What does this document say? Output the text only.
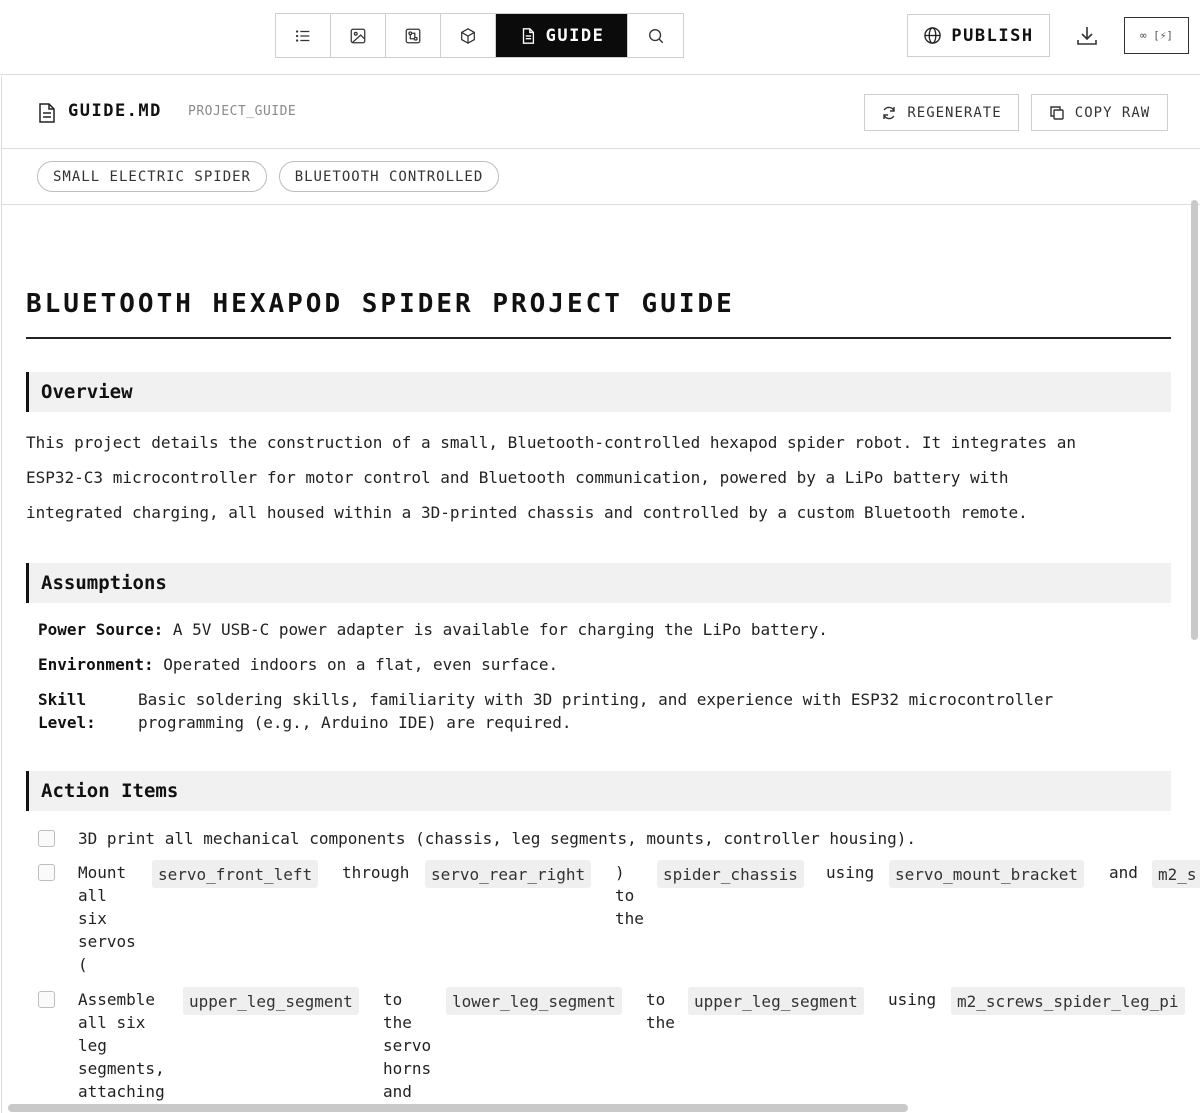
GUIDE	PUBLISH	∞ [⚡]
GUIDE.MD PROJECT_GUIDE	REGENERATE	COPY RAW
SMALL ELECTRIC SPIDER	BLUETOOTH CONTROLLED
BLUETOOTH HEXAPOD SPIDER PROJECT GUIDE
Overview
This project details the construction of a small, Bluetooth-controlled hexapod spider robot. It integrates an
ESP32-C3 microcontroller for motor control and Bluetooth communication, powered by a LiPo battery with
integrated charging, all housed within a 3D-printed chassis and controlled by a custom Bluetooth remote.
Assumptions
Power Source: A 5V USB-C power adapter is available for charging the LiPo battery.
Environment: Operated indoors on a flat, even surface.
Skill
Level:
Basic soldering skills, familiarity with 3D printing, and experience with ESP32 microcontroller
programming (e.g., Arduino IDE) are required.
Action Items
3D print all mechanical components (chassis, leg segments, mounts, controller housing).
Mount
all
six
servos
(
servo_front_left	through	servo_rear_right	)
to
the
spider_chassis	using	servo_mount_bracket	and	m2_s
Assemble
all six
leg
segments,
attaching
upper_leg_segment	to
the
servo
horns
and
lower_leg_segment	to
the
upper_leg_segment	using	m2_screws_spider_leg_pi
